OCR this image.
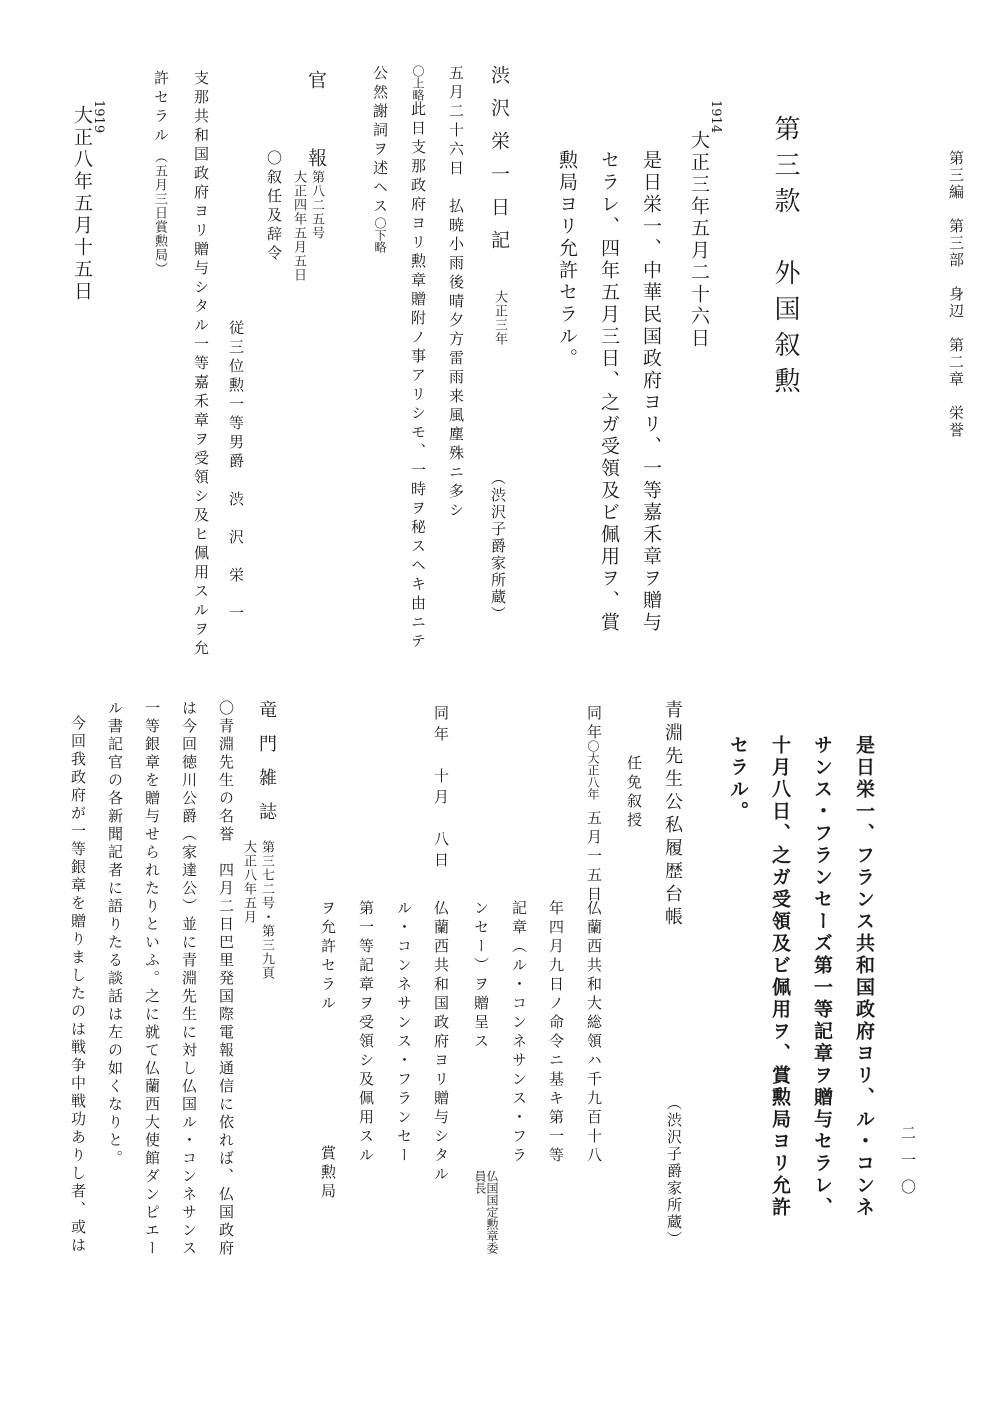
第三編　第三部　身辺　第二章　栄誉
第三款　外国叙勲
1914
大正三年五月二十六日
是日栄一、中華民国政府ヨリ、一等嘉禾章ヲ贈与
セラレ、四年五月三日、之ガ受領及ビ佩用ヲ、賞
勲局ヨリ允許セラル。
渋沢栄一日記
大正三年
（渋沢子爵家所蔵）
五月二十六日　払暁小雨後晴夕方雷雨来風塵殊ニ多シ
〇上略此日支那政府ヨリ勲章贈附ノ事アリシモ、一時ヲ秘スヘキ由ニテ
公然謝詞ヲ述ヘス〇下略
官　報
第八二五号
大正四年五月五日
〇叙任及辞令
従三位勲一等男爵　渋　沢　栄　一
支那共和国政府ヨリ贈与シタル一等嘉禾章ヲ受領シ及ヒ佩用スルヲ允
許セラル
（五月三日賞勲局）
1919
大正八年五月十五日
二一〇
是日栄一、フランス共和国政府ヨリ、ル・コンネ
サンス・フランセーズ第一等記章ヲ贈与セラレ、
十月八日、之ガ受領及ビ佩用ヲ、賞勲局ヨリ允許
セラル。
青淵先生公私履歴台帳
（渋沢子爵家所蔵）
任免叙授
同年
〇大正八年
五月一五日
仏蘭西共和大総領ハ千九百十八
年四月九日ノ命令ニ基キ第一等
記章（ル・コンネサンス・フラ
ンセー）ヲ贈呈ス
仏国国定勲章委員長
同年　十月　八日
仏蘭西共和国政府ヨリ贈与シタル
ル・コンネサンス・フランセー
第一等記章ヲ受領シ及佩用スル
ヲ允許セラル
賞勲局
竜門雑誌
第三七二号・第三九頁
大正八年五月
〇青淵先生の名誉　四月二日巴里発国際電報通信に依れば、仏国政府
は今回徳川公爵（家達公）並に青淵先生に対し仏国ル・コンネサンス
一等銀章を贈与せられたりといふ。之に就て仏蘭西大使館ダンピエー
ル書記官の各新聞記者に語りたる談話は左の如くなりと。
今回我政府が一等銀章を贈りましたのは戦争中戦功ありし者、或は
